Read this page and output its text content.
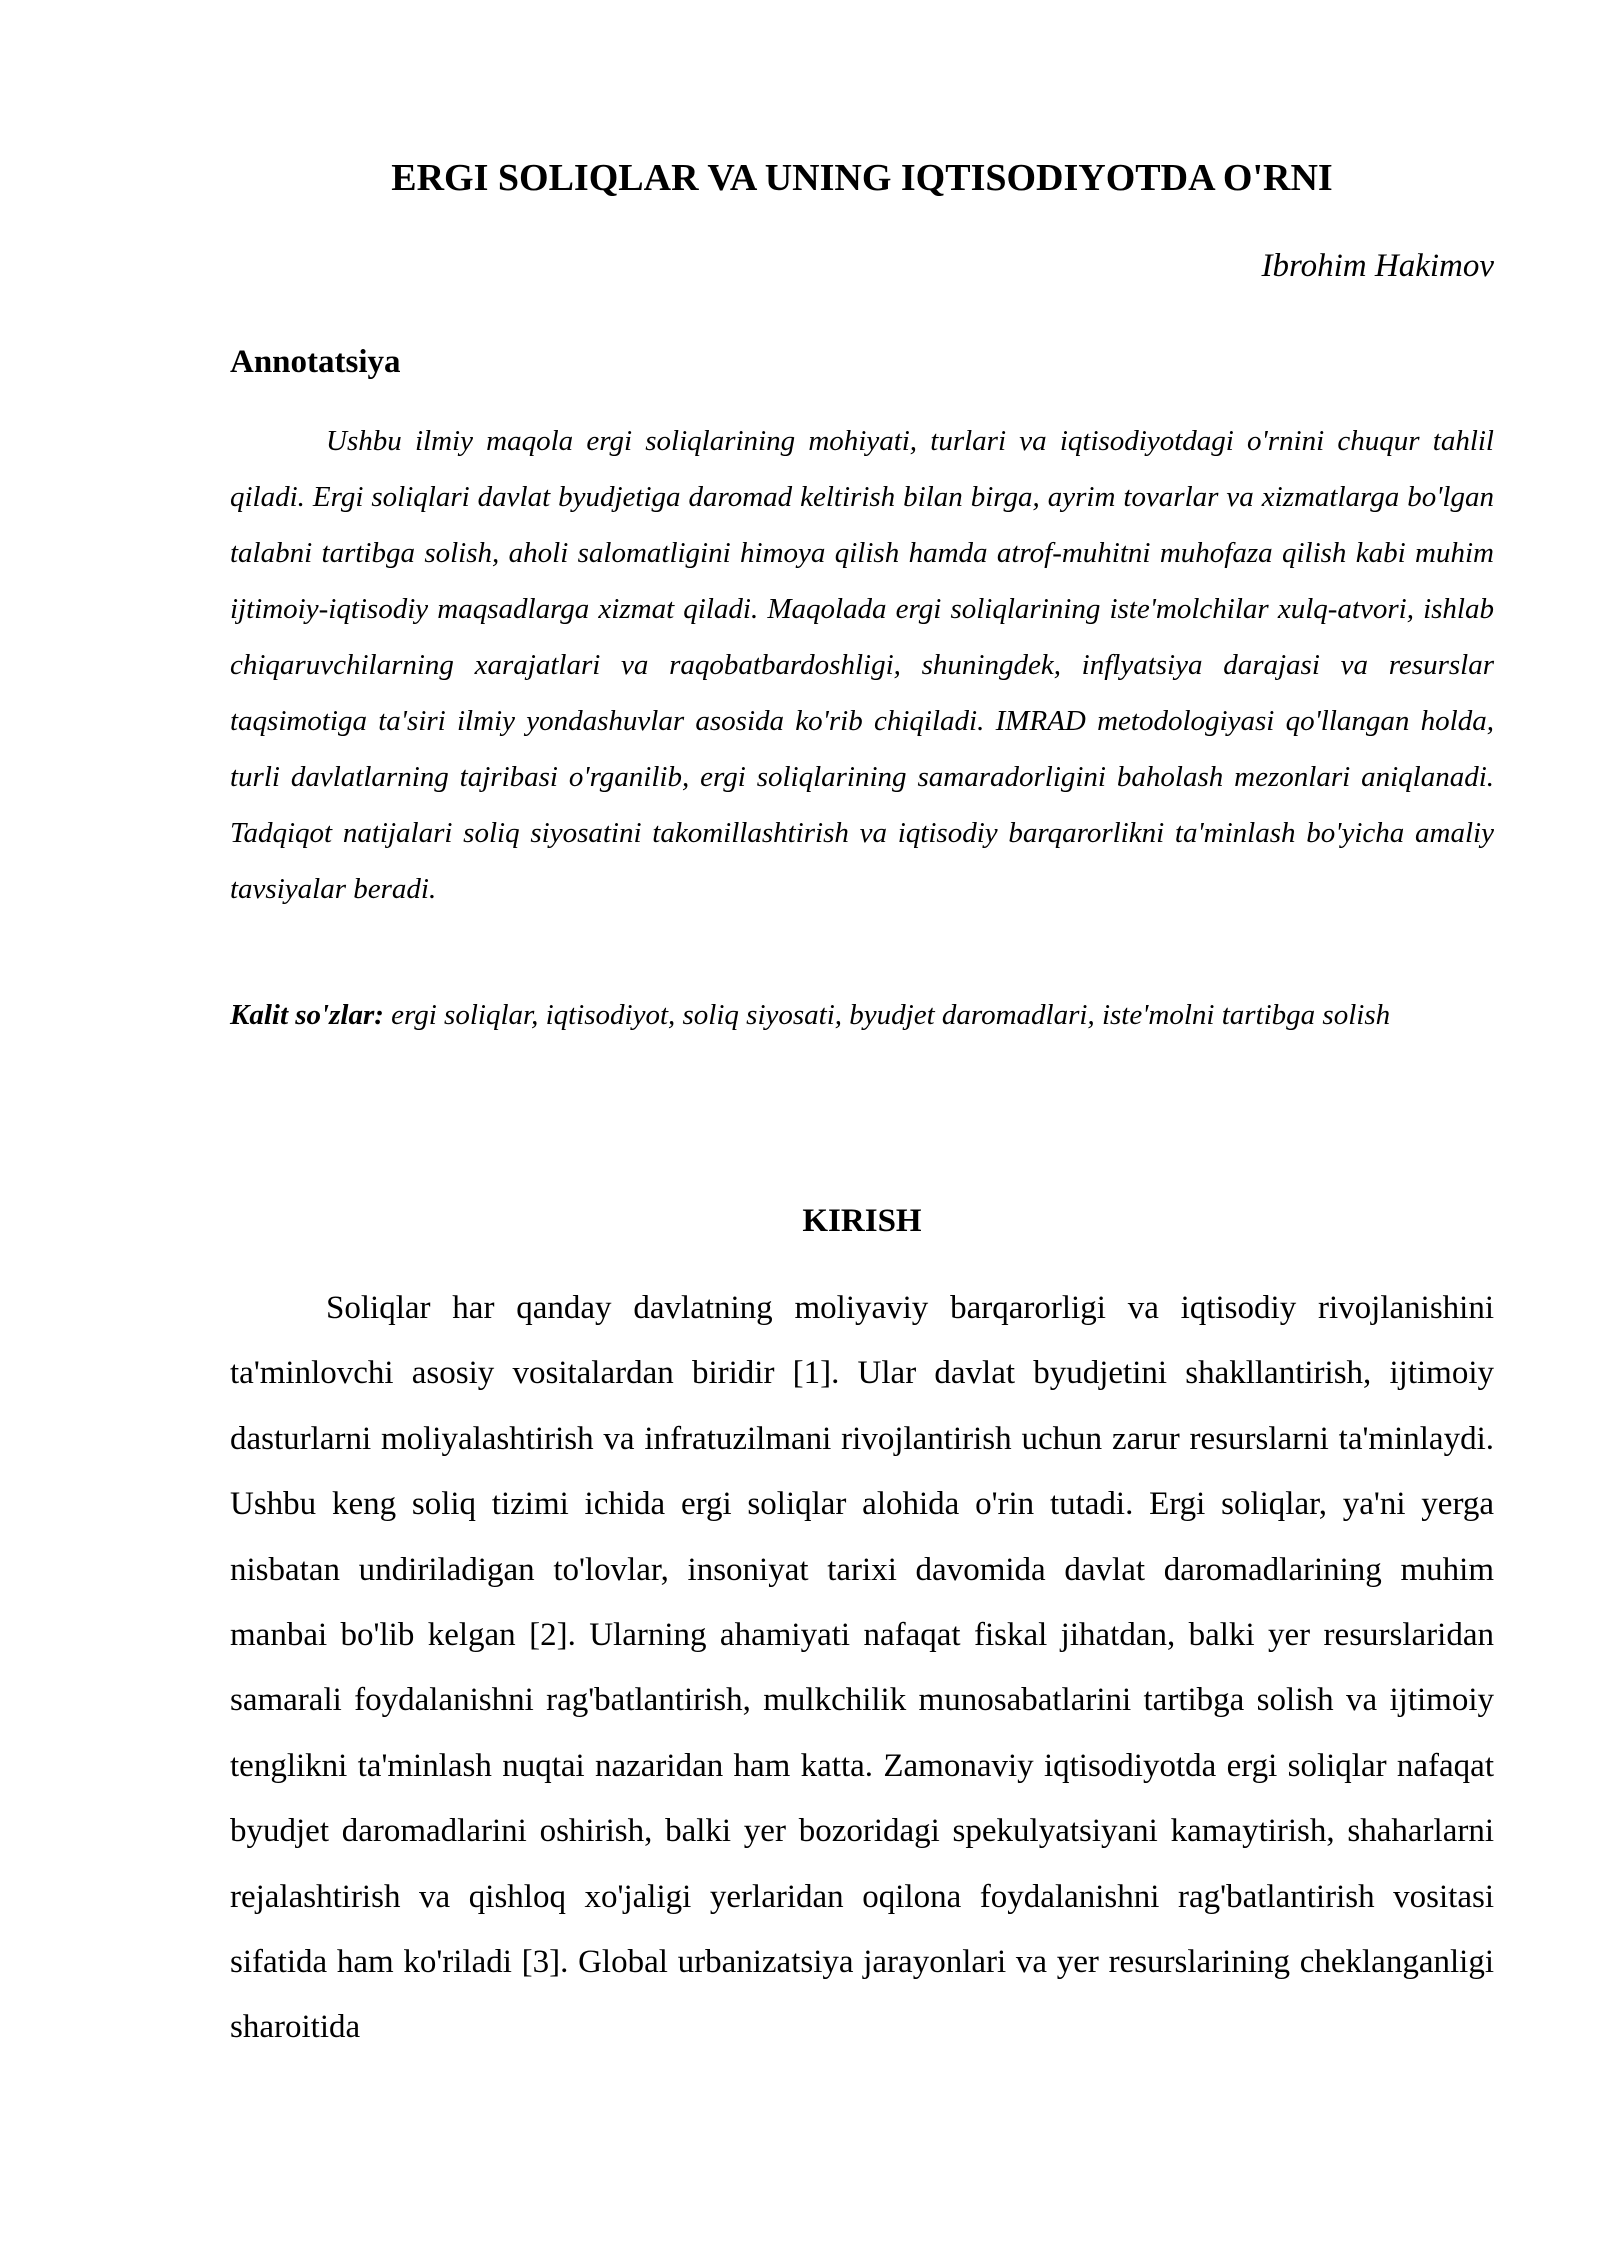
ERGI SOLIQLAR VA UNING IQTISODIYOTDA O'RNI

Ibrohim Hakimov

Annotatsiya

Ushbu ilmiy maqola ergi soliqlarining mohiyati, turlari va iqtisodiyotdagi o'rnini chuqur tahlil qiladi. Ergi soliqlari davlat byudjetiga daromad keltirish bilan birga, ayrim tovarlar va xizmatlarga bo'lgan talabni tartibga solish, aholi salomatligini himoya qilish hamda atrof-muhitni muhofaza qilish kabi muhim ijtimoiy-iqtisodiy maqsadlarga xizmat qiladi. Maqolada ergi soliqlarining iste'molchilar xulq-atvori, ishlab chiqaruvchilarning xarajatlari va raqobatbardoshligi, shuningdek, inflyatsiya darajasi va resurslar taqsimotiga ta'siri ilmiy yondashuvlar asosida ko'rib chiqiladi. IMRAD metodologiyasi qo'llangan holda, turli davlatlarning tajribasi o'rganilib, ergi soliqlarining samaradorligini baholash mezonlari aniqlanadi. Tadqiqot natijalari soliq siyosatini takomillashtirish va iqtisodiy barqarorlikni ta'minlash bo'yicha amaliy tavsiyalar beradi.

Kalit so'zlar: ergi soliqlar, iqtisodiyot, soliq siyosati, byudjet daromadlari, iste'molni tartibga solish

KIRISH

Soliqlar har qanday davlatning moliyaviy barqarorligi va iqtisodiy rivojlanishini ta'minlovchi asosiy vositalardan biridir [1]. Ular davlat byudjetini shakllantirish, ijtimoiy dasturlarni moliyalashtirish va infratuzilmani rivojlantirish uchun zarur resurslarni ta'minlaydi. Ushbu keng soliq tizimi ichida ergi soliqlar alohida o'rin tutadi. Ergi soliqlar, ya'ni yerga nisbatan undiriladigan to'lovlar, insoniyat tarixi davomida davlat daromadlarining muhim manbai bo'lib kelgan [2]. Ularning ahamiyati nafaqat fiskal jihatdan, balki yer resurslaridan samarali foydalanishni rag'batlantirish, mulkchilik munosabatlarini tartibga solish va ijtimoiy tenglikni ta'minlash nuqtai nazaridan ham katta. Zamonaviy iqtisodiyotda ergi soliqlar nafaqat byudjet daromadlarini oshirish, balki yer bozoridagi spekulyatsiyani kamaytirish, shaharlarni rejalashtirish va qishloq xo'jaligi yerlaridan oqilona foydalanishni rag'batlantirish vositasi sifatida ham ko'riladi [3]. Global urbanizatsiya jarayonlari va yer resurslarining cheklanganligi sharoitida
